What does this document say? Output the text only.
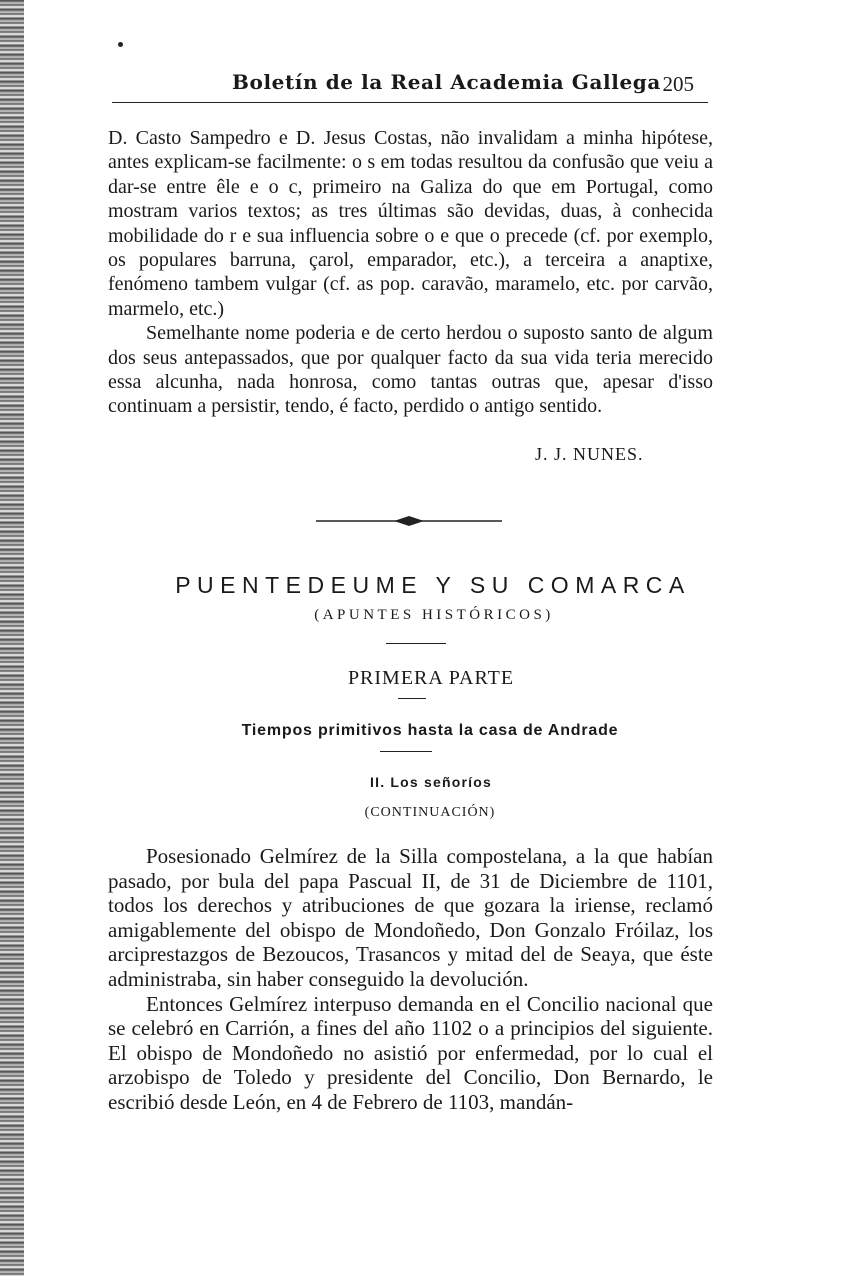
Boletín de la Real Academia Gallega 205

D. Casto Sampedro e D. Jesus Costas, não invalidam a minha hipótese, antes explicam-se facilmente: o s em todas resultou da confusão que veiu a dar-se entre êle e o c, primeiro na Galiza do que em Portugal, como mostram varios textos; as tres últimas são devidas, duas, à conhecida mobilidade do r e sua influencia sobre o e que o precede (cf. por exemplo, os populares barruna, çarol, emparador, etc.), a terceira a anaptixe, fenómeno tambem vulgar (cf. as pop. caravão, maramelo, etc. por carvão, marmelo, etc.)

Semelhante nome poderia e de certo herdou o suposto santo de algum dos seus antepassados, que por qualquer facto da sua vida teria merecido essa alcunha, nada honrosa, como tantas outras que, apesar d'isso continuam a persistir, tendo, é facto, perdido o antigo sentido.

J. J. NUNES.
PUENTEDEUME Y SU COMARCA
(APUNTES HISTÓRICOS)
PRIMERA PARTE
Tiempos primitivos hasta la casa de Andrade
II. Los señoríos
(CONTINUACIÓN)

Posesionado Gelmírez de la Silla compostelana, a la que habían pasado, por bula del papa Pascual II, de 31 de Diciembre de 1101, todos los derechos y atribuciones de que gozara la iriense, reclamó amigablemente del obispo de Mondoñedo, Don Gonzalo Fróilaz, los arciprestazgos de Bezoucos, Trasancos y mitad del de Seaya, que éste administraba, sin haber conseguido la devolución.

Entonces Gelmírez interpuso demanda en el Concilio nacional que se celebró en Carrión, a fines del año 1102 o a principios del siguiente. El obispo de Mondoñedo no asistió por enfermedad, por lo cual el arzobispo de Toledo y presidente del Concilio, Don Bernardo, le escribió desde León, en 4 de Febrero de 1103, mandán-
